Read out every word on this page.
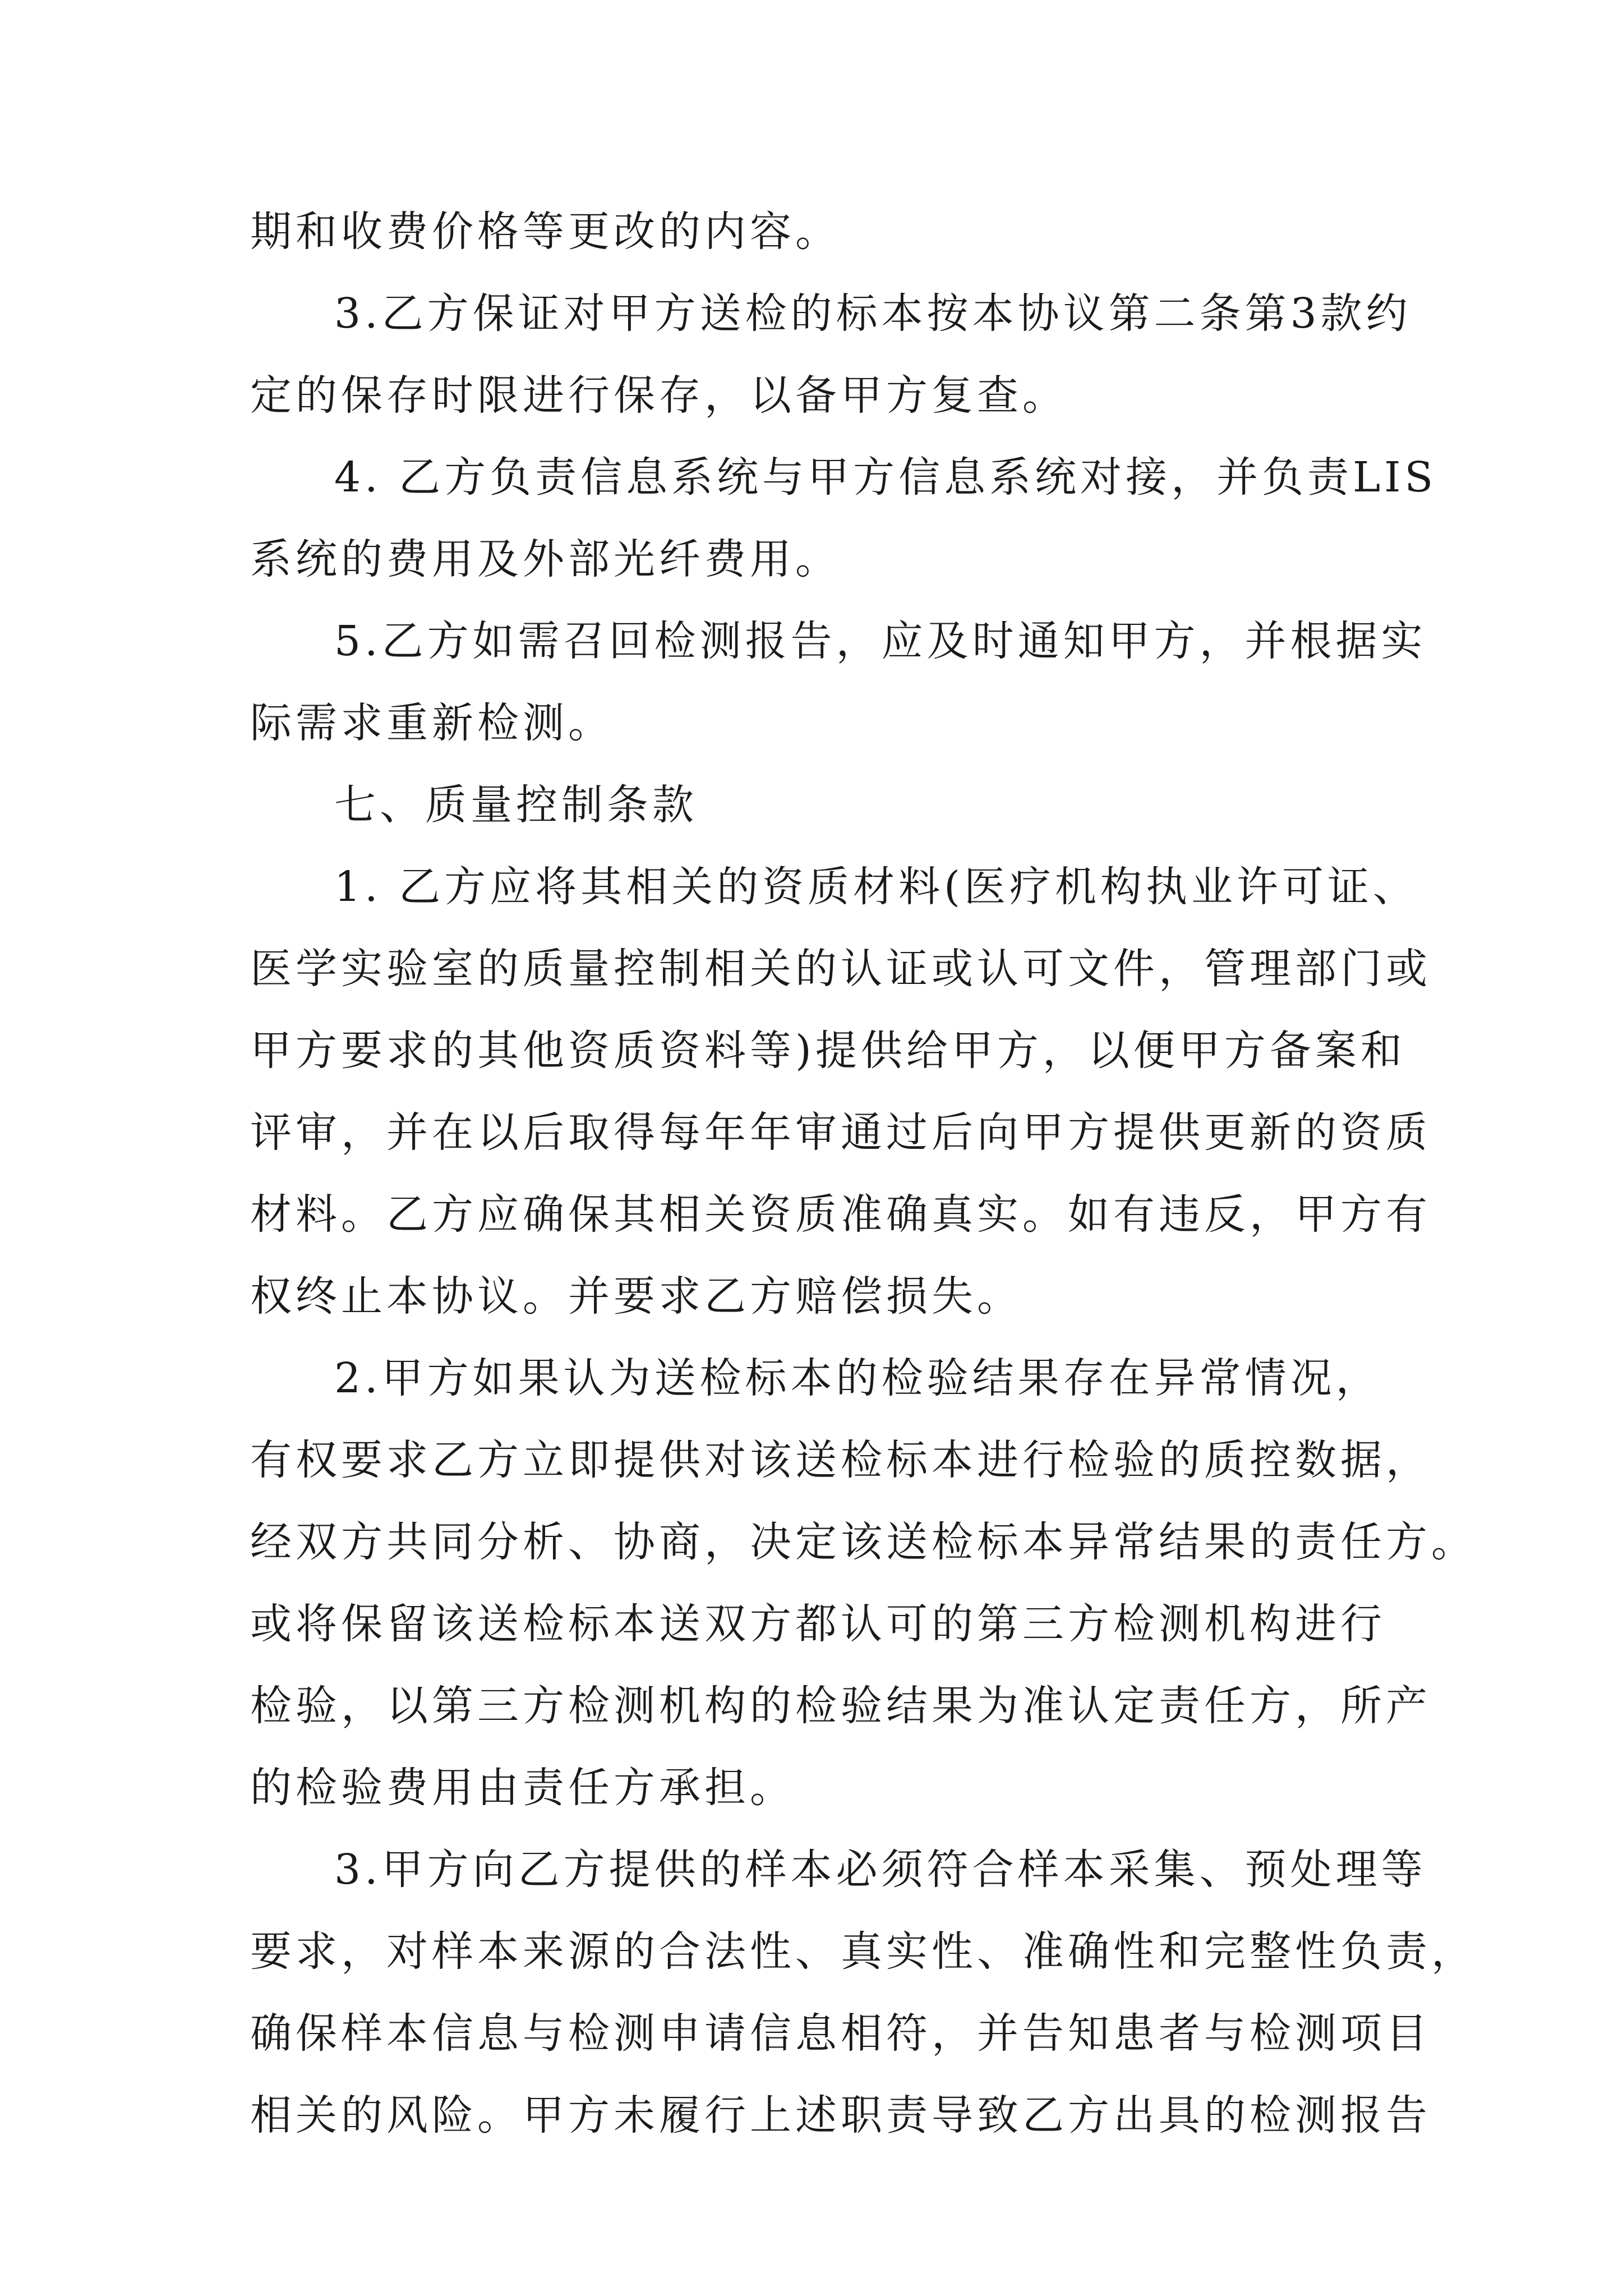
期和收费价格等更改的内容。
3.乙方保证对甲方送检的标本按本协议第二条第3款约
定的保存时限进行保存，以备甲方复查。
4. 乙方负责信息系统与甲方信息系统对接，并负责LIS
系统的费用及外部光纤费用。
5.乙方如需召回检测报告，应及时通知甲方，并根据实
际需求重新检测。
七、质量控制条款
1. 乙方应将其相关的资质材料(医疗机构执业许可证、
医学实验室的质量控制相关的认证或认可文件，管理部门或
甲方要求的其他资质资料等)提供给甲方，以便甲方备案和
评审，并在以后取得每年年审通过后向甲方提供更新的资质
材料。乙方应确保其相关资质准确真实。如有违反，甲方有
权终止本协议。并要求乙方赔偿损失。
2.甲方如果认为送检标本的检验结果存在异常情况，
有权要求乙方立即提供对该送检标本进行检验的质控数据，
经双方共同分析、协商，决定该送检标本异常结果的责任方。
或将保留该送检标本送双方都认可的第三方检测机构进行
检验，以第三方检测机构的检验结果为准认定责任方，所产
的检验费用由责任方承担。
3.甲方向乙方提供的样本必须符合样本采集、预处理等
要求，对样本来源的合法性、真实性、准确性和完整性负责，
确保样本信息与检测申请信息相符，并告知患者与检测项目
相关的风险。甲方未履行上述职责导致乙方出具的检测报告
